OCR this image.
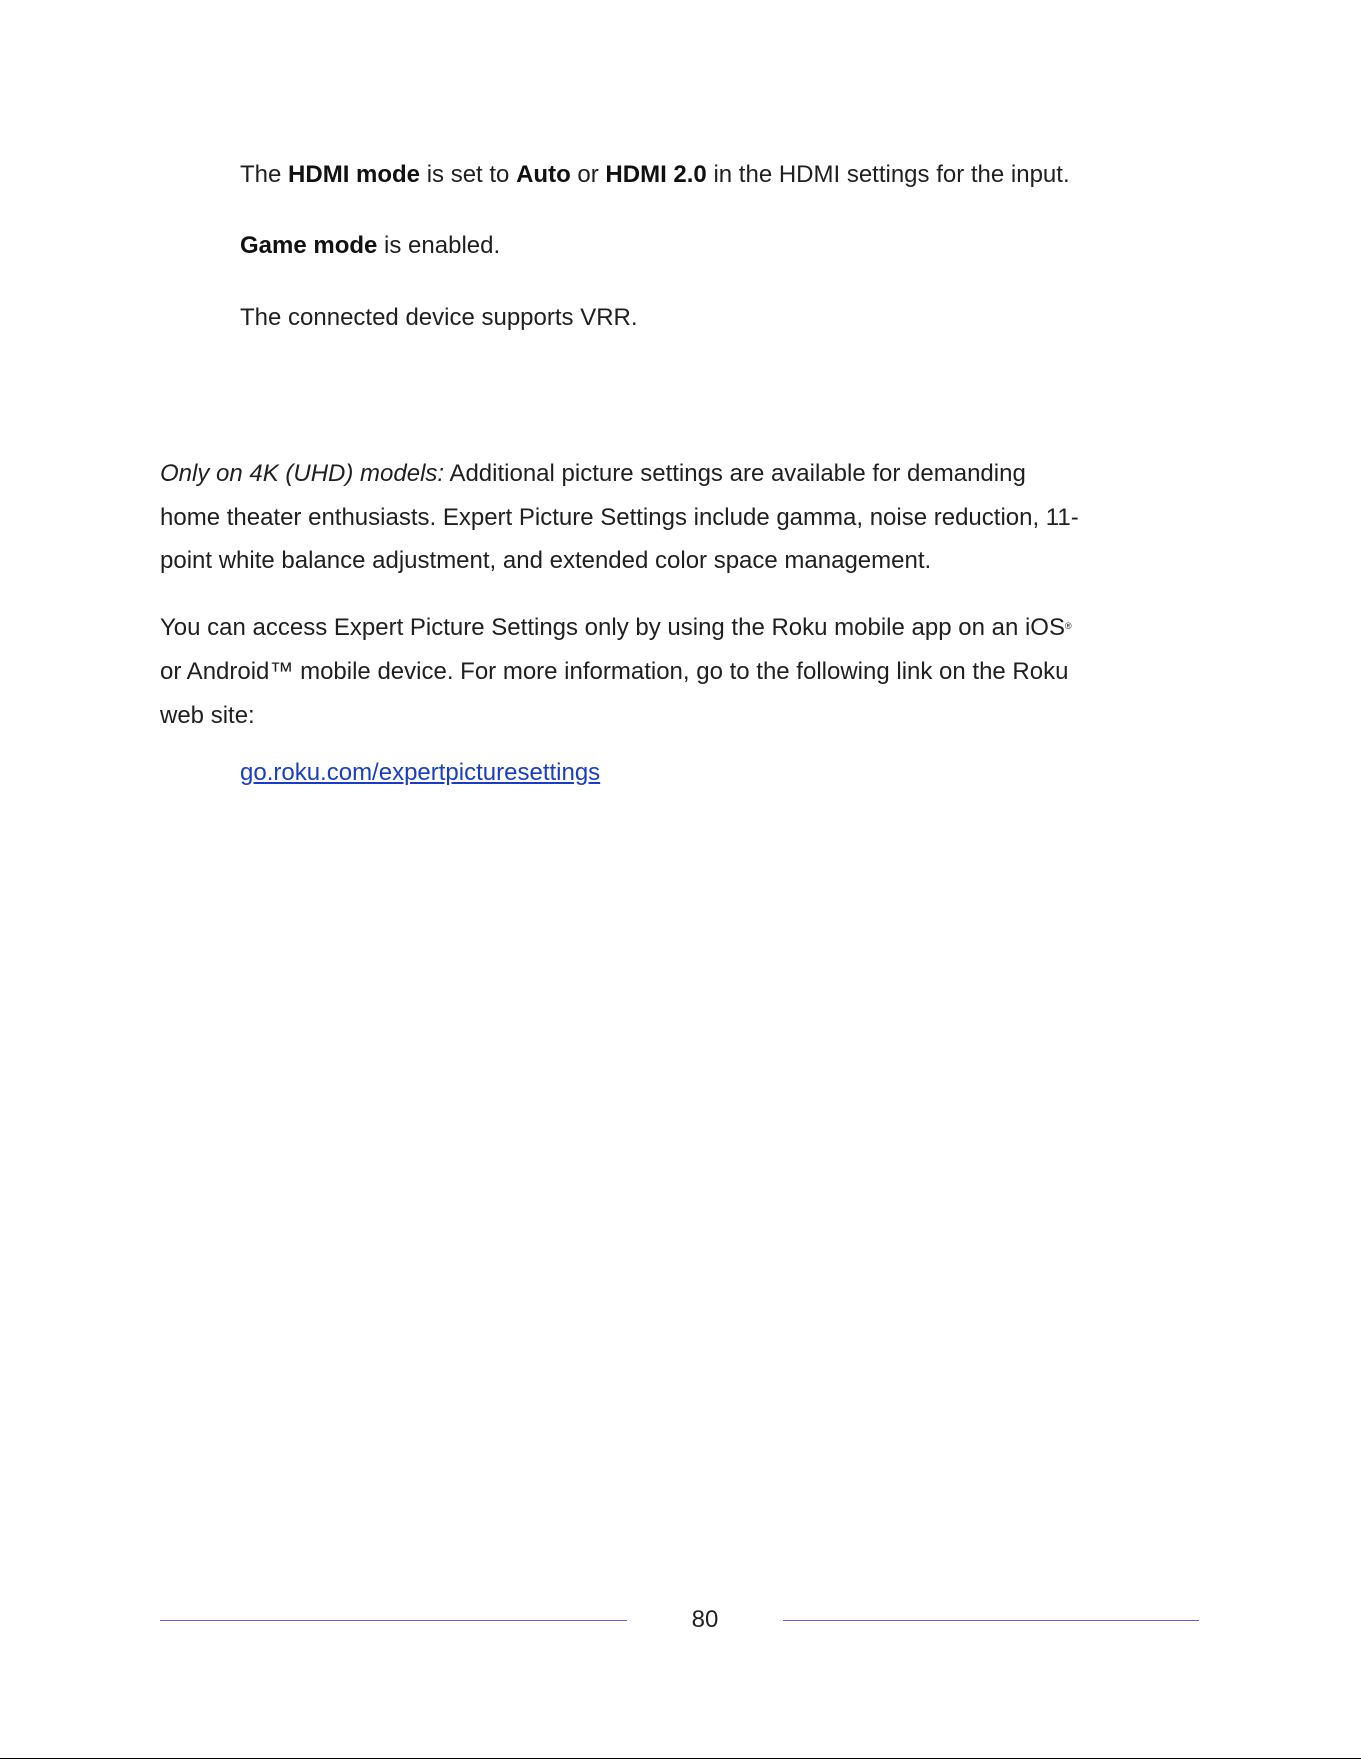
The HDMI mode is set to Auto or HDMI 2.0 in the HDMI settings for the input.
Game mode is enabled.
The connected device supports VRR.
Only on 4K (UHD) models: Additional picture settings are available for demanding
home theater enthusiasts. Expert Picture Settings include gamma, noise reduction, 11-
point white balance adjustment, and extended color space management.
You can access Expert Picture Settings only by using the Roku mobile app on an iOS®
or Android™ mobile device. For more information, go to the following link on the Roku
web site:
go.roku.com/expertpicturesettings
80
